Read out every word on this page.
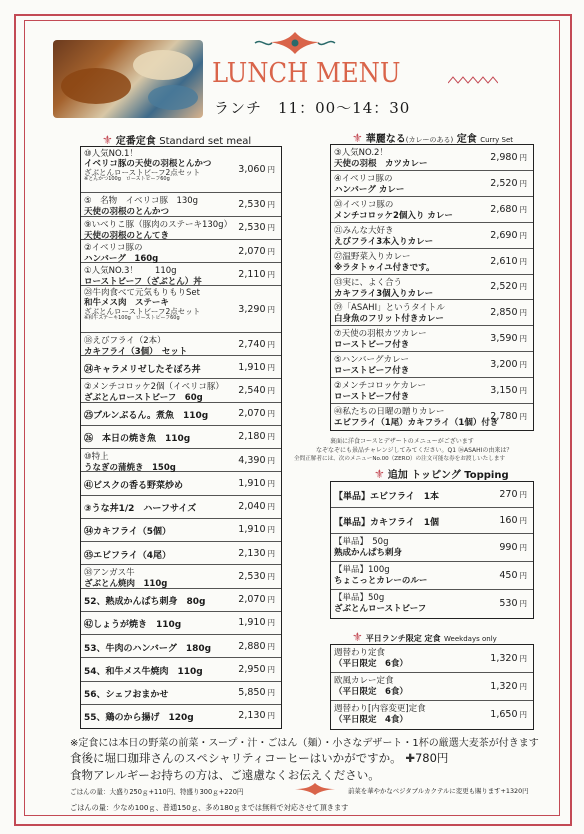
LUNCH MENU
ランチ　11：00～14：30
⚜ 定番定食 Standard set meal
⑩人気NO.1！
イベリコ豚の天使の羽根とんかつ
ざぶとんローストビーフ2点セット
※とんかつ100g　ローストビーフ60g
3,060 円
⑤　名物　イベリコ豚　130g
天使の羽根のとんかつ
2,530 円
⑨いべりこ豚（豚肉のステーキ130g）
天使の羽根のとんてき
2,530 円
②イベリコ豚の
ハンバーグ　160g
2,070 円
①人気NO.3！　　110g
ローストビーフ（ざぶとん）丼
2,110 円
㉘牛肉食べて元気もりもりSet
和牛メス肉　ステーキ
ざぶとんローストビーフ2点セット
※和牛ステーキ100g　ローストビーフ60g
3,290 円
⑱えびフライ（2本）
カキフライ（3個）　セット
2,740 円
㉔キャラメリゼしたそぼろ丼	1,910 円
②メンチコロッケ2個（イベリコ豚）
ざぶとんローストビーフ　60g
2,540 円
㉕ブルンぶるん。煮魚　110g	2,070 円
㉖　本日の焼き魚　110g	2,180 円
⑩特上
うなぎの蒲焼き　150g
4,390 円
㊶ビスクの香る野菜炒め	1,910 円
③うな丼1/2　ハーフサイズ	2,040 円
㉞カキフライ（5個）	1,910 円
㉟エビフライ（4尾）	2,130 円
㊳アンガス牛
ざぶとん焼肉　110g
2,530 円
52、熟成かんぱち刺身　80g	2,070 円
㊷しょうが焼き　110g	1,910 円
53、牛肉のハンバーグ　180g	2,880 円
54、和牛メス牛焼肉　110g	2,950 円
56、シェフおまかせ	5,850 円
55、鶏のから揚げ　120g	2,130 円
⚜ 華麗なる(カレーのある) 定食 Curry Set
③人気NO.2！
天使の羽根　カツカレー
2,980 円
④イベリコ豚の
ハンバーグ カレー
2,520 円
⑳イベリコ豚の
メンチコロッケ2個入り カレー
2,680 円
㉑みんな大好き
えびフライ3本入りカレー
2,690 円
㉗温野菜入りカレー
※ラタトゥイユ付きです。
2,610 円
㉝実に、よく合う
カキフライ3個入りカレー
2,520 円
㊴「ASAHI」というタイトル
白身魚のフリット付きカレー
2,850 円
⑦天使の羽根カツカレー
ローストビーフ付き
3,590 円
⑤ハンバーグカレー
ローストビーフ付き
3,200 円
②メンチコロッケカレー
ローストビーフ付き
3,150 円
㊵私たちの日曜の贈りカレー
エビフライ（1尾）カキフライ（1個）付き
2,780 円
裏面に洋食コースとデザートのメニューがございます
なぞなぞにも景品チャレンジしてみてください。Q1 ㊱ASAHIの由来は？
全問正解者には、次のメニューNo.00（ZERO）の注文可能な券をお渡しいたします
⚜ 追加 トッピング Topping
【単品】エビフライ　1本	270 円
【単品】カキフライ　1個	160 円
【単品】　50g
熟成かんぱち刺身	990 円
【単品】100g
ちょこっとカレーのルー	450 円
【単品】50g
ざぶとんローストビーフ	530 円
⚜ 平日ランチ限定 定食 Weekdays only
週替わり定食
（平日限定　6食）	1,320 円
欧風カレー定食
（平日限定　6食）	1,320 円
週替わり[内容変更]定食
（平日限定　4食）	1,650 円
※定食には本日の野菜の前菜・スープ・汁・ごはん（麺）・小さなデザート・1杯の厳選大麦茶が付きます
食後に堀口珈琲さんのスペシャリティコーヒーはいかがですか。 ✚780円
食物アレルギーお持ちの方は、ご遠慮なくお伝えください。
ごはんの量：大盛り250ｇ+110円、特盛り300ｇ+220円	前菜を華やかなベジタブルカクテルに変更も賜ります+1320円
ごはんの量：少なめ100ｇ、普通150ｇ、多め180ｇまでは無料で対応させて頂きます
